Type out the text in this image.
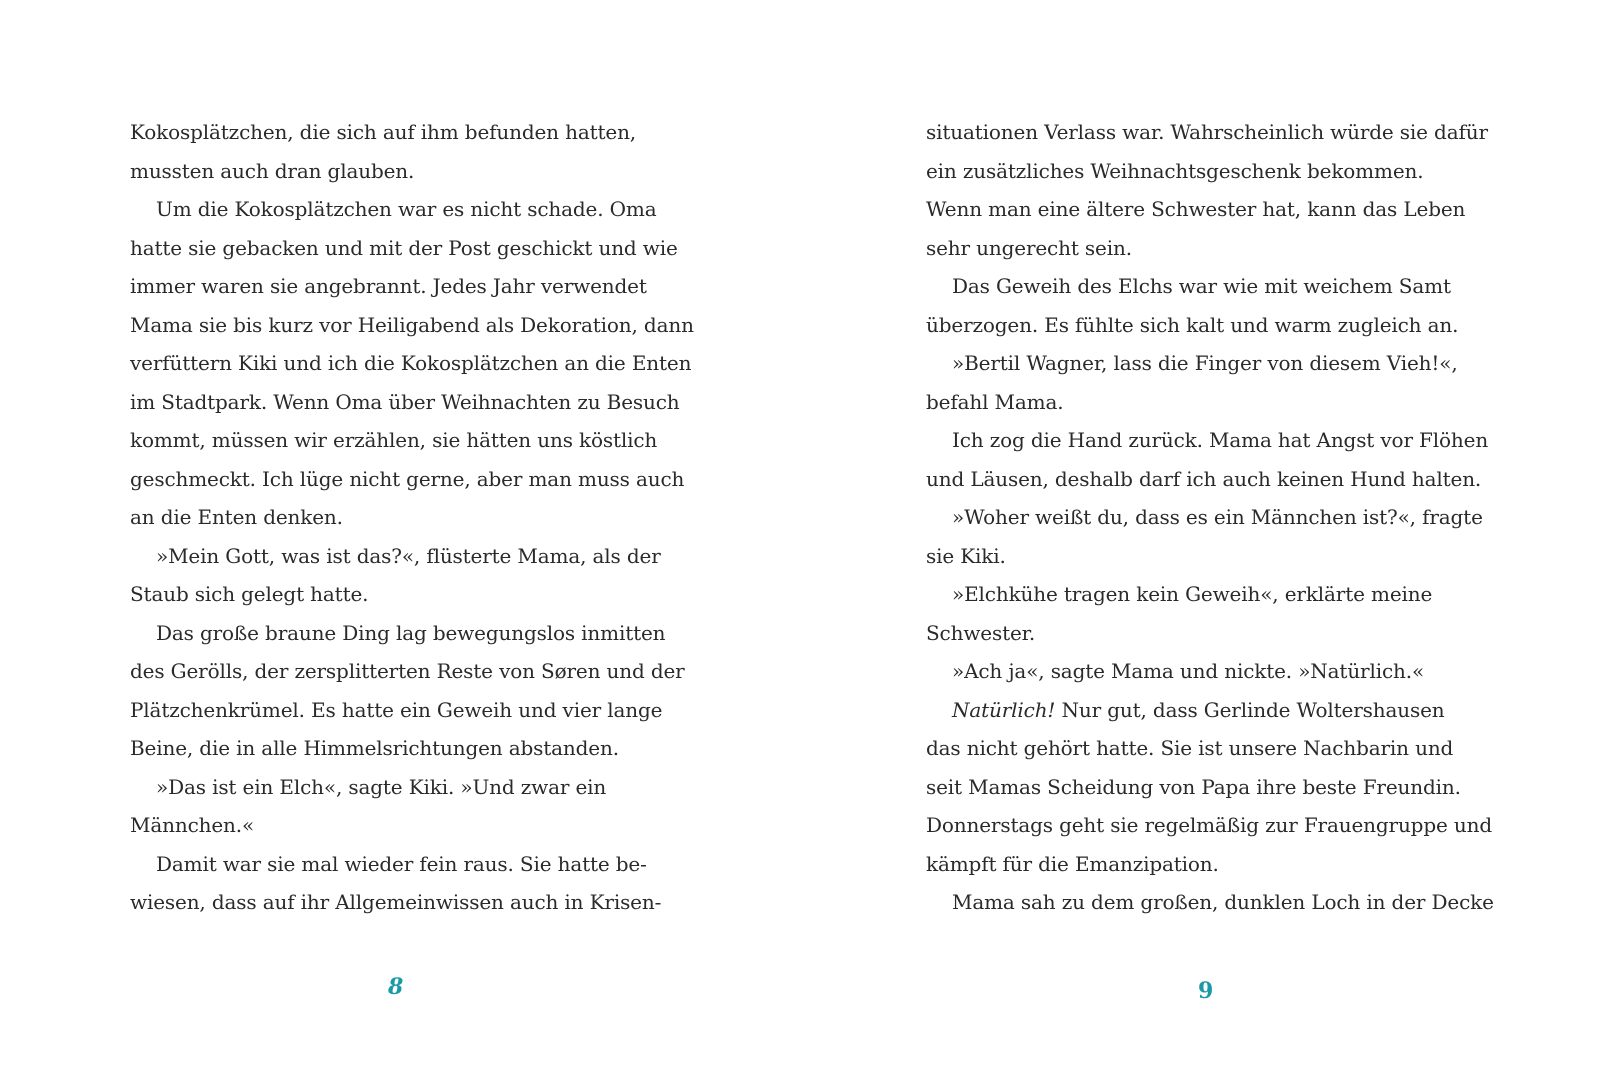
Kokosplätzchen, die sich auf ihm befunden hatten,
mussten auch dran glauben.
Um die Kokosplätzchen war es nicht schade. Oma
hatte sie gebacken und mit der Post geschickt und wie
immer waren sie angebrannt. Jedes Jahr verwendet
Mama sie bis kurz vor Heiligabend als Dekoration, dann
verfüttern Kiki und ich die Kokosplätzchen an die Enten
im Stadtpark. Wenn Oma über Weihnachten zu Besuch
kommt, müssen wir erzählen, sie hätten uns köstlich
geschmeckt. Ich lüge nicht gerne, aber man muss auch
an die Enten denken.
»Mein Gott, was ist das?«, flüsterte Mama, als der
Staub sich gelegt hatte.
Das große braune Ding lag bewegungslos inmitten
des Gerölls, der zersplitterten Reste von Søren und der
Plätzchenkrümel. Es hatte ein Geweih und vier lange
Beine, die in alle Himmelsrichtungen abstanden.
»Das ist ein Elch«, sagte Kiki. »Und zwar ein
Männchen.«
Damit war sie mal wieder fein raus. Sie hatte be-
wiesen, dass auf ihr Allgemeinwissen auch in Krisen-
situationen Verlass war. Wahrscheinlich würde sie dafür
ein zusätzliches Weihnachtsgeschenk bekommen.
Wenn man eine ältere Schwester hat, kann das Leben
sehr ungerecht sein.
Das Geweih des Elchs war wie mit weichem Samt
überzogen. Es fühlte sich kalt und warm zugleich an.
»Bertil Wagner, lass die Finger von diesem Vieh!«,
befahl Mama.
Ich zog die Hand zurück. Mama hat Angst vor Flöhen
und Läusen, deshalb darf ich auch keinen Hund halten.
»Woher weißt du, dass es ein Männchen ist?«, fragte
sie Kiki.
»Elchkühe tragen kein Geweih«, erklärte meine
Schwester.
»Ach ja«, sagte Mama und nickte. »Natürlich.«
Natürlich! Nur gut, dass Gerlinde Woltershausen
das nicht gehört hatte. Sie ist unsere Nachbarin und
seit Mamas Scheidung von Papa ihre beste Freundin.
Donnerstags geht sie regelmäßig zur Frauengruppe und
kämpft für die Emanzipation.
Mama sah zu dem großen, dunklen Loch in der Decke
8	9
